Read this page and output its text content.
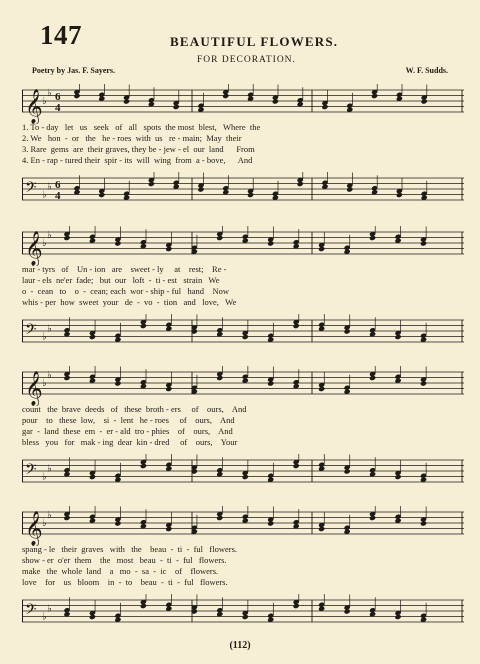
147	BEAUTIFUL FLOWERS.
FOR DECORATION.
Poetry by Jas. F. Sayers.	W. F. Sudds.
𝄞 ♭
♭ 6
4
1. To - day   let   us   seek   of   all   spots  the most  blest,   Where  the
2. We   hon  -  or   the   he - roes  with  us   re - main;  May  their
3. Rare  gems  are  their graves, they be - jew - el  our  land      From
4. En - rap - tured their  spir - its  will  wing  from  a - bove,      And
𝄢 ♭
♭ 6
4
𝄞 ♭
♭
mar - tyrs   of    Un - ion   are    sweet - ly     at    rest;    Re -
laur - els  ne'er  fade;   but  our   loft  -  ti - est   strain   We
o  -  cean   to    o  -  cean; each  wor - ship - ful   hand    Now
whis - per  how  sweet  your   de  -  vo  -  tion   and   love,   We
𝄢 ♭
♭
𝄞 ♭
♭
count   the  brave  deeds   of   these  broth - ers     of    ours,    And
pour    to   these  low,    si  -  lent   he - roes     of    ours,    And
gar  -  land  these  em  -  er - ald  tro - phies    of    ours,    And
bless   you   for   mak - ing  dear  kin - dred     of    ours,    Your
𝄢 ♭
♭
𝄞 ♭
♭
spang - le   their  graves   with   the    beau  -  ti  -  ful   flowers.
show - er  o'er  them    the   most   beau  -  ti  -  ful   flowers.
make   the  whole  land    a   mo  -  sa  -  ic    of    flowers.
love    for    us   bloom    in  -  to    beau  -  ti  -  ful   flowers.
𝄢 ♭
♭
(112)
